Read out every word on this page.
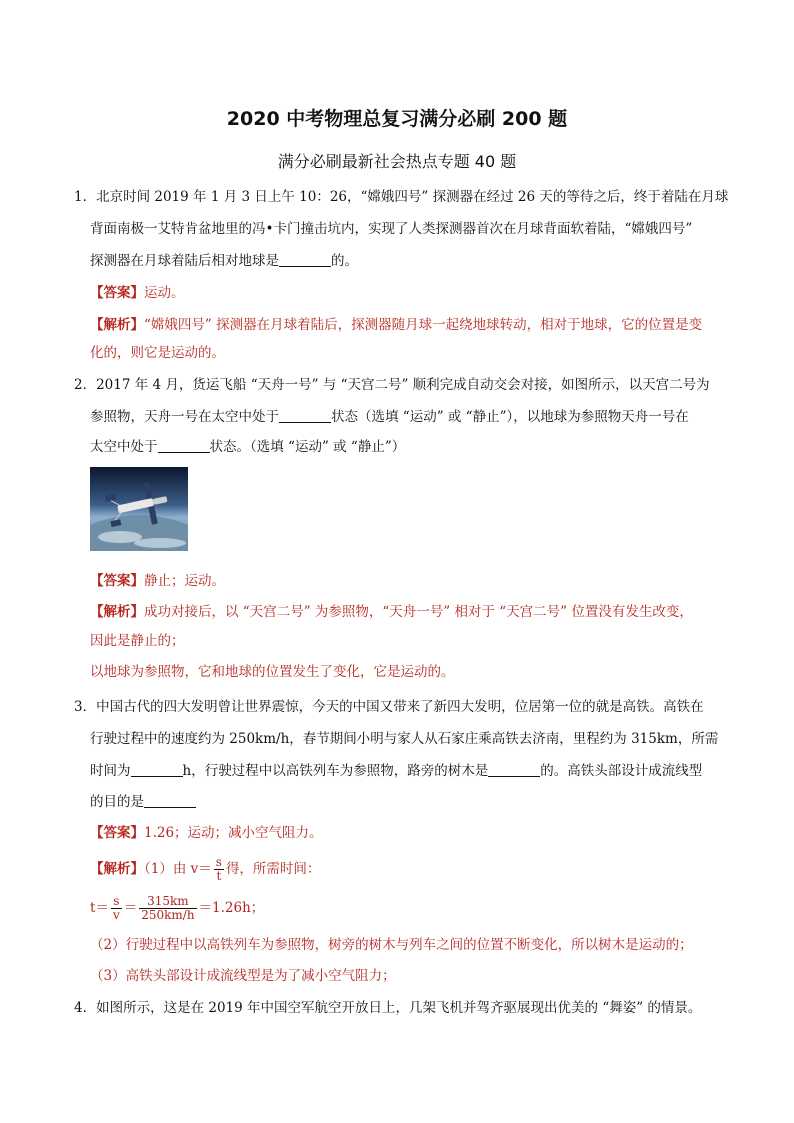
2020 中考物理总复习满分必刷 200 题
满分必刷最新社会热点专题 40 题
1．北京时间 2019 年 1 月 3 日上午 10：26，“嫦娥四号” 探测器在经过 26 天的等待之后，终于着陆在月球
背面南极一艾特肯盆地里的冯•卡门撞击坑内，实现了人类探测器首次在月球背面软着陆，“嫦娥四号”
探测器在月球着陆后相对地球是	的。
【答案】运动。
【解析】“嫦娥四号” 探测器在月球着陆后，探测器随月球一起绕地球转动，相对于地球，它的位置是变
化的，则它是运动的。
2．2017 年 4 月，货运飞船 “天舟一号” 与 “天宫二号” 顺利完成自动交会对接，如图所示，以天宫二号为
参照物，天舟一号在太空中处于	状态（选填 “运动” 或 “静止”），以地球为参照物天舟一号在
太空中处于	状态。（选填 “运动” 或 “静止”）
【答案】静止；运动。
【解析】成功对接后，以 “天宫二号” 为参照物，“天舟一号” 相对于 “天宫二号” 位置没有发生改变，
因此是静止的；
以地球为参照物，它和地球的位置发生了变化，它是运动的。
3．中国古代的四大发明曾让世界震惊，今天的中国又带来了新四大发明，位居第一位的就是高铁。高铁在
行驶过程中的速度约为 250km/h，春节期间小明与家人从石家庄乘高铁去济南，里程约为 315km，所需
时间为	h，行驶过程中以高铁列车为参照物，路旁的树木是	的。高铁头部设计成流线型
的目的是
【答案】1.26；运动；减小空气阻力。
【解析】（1）由 $v= \frac{s}{t}$ 得，所需时间：
$t= \frac{s}{v} = \frac{315km}{250km/h} =1.26h$；
（2）行驶过程中以高铁列车为参照物，树旁的树木与列车之间的位置不断变化，所以树木是运动的；
（3）高铁头部设计成流线型是为了减小空气阻力；
4．如图所示，这是在 2019 年中国空军航空开放日上，几架飞机并驾齐驱展现出优美的 “舞姿” 的情景。
